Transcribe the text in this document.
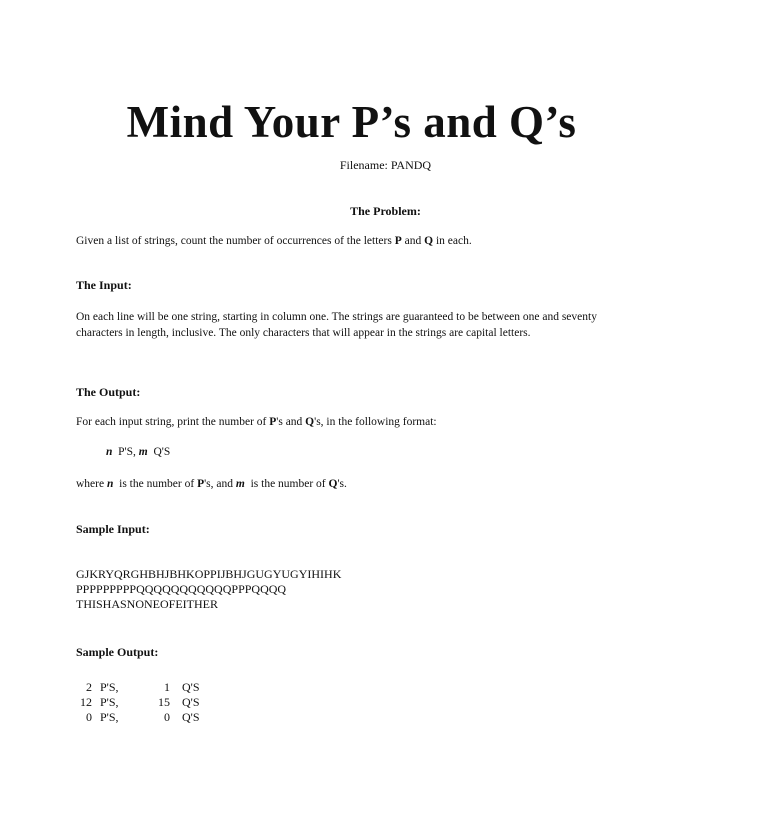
Mind Your P’s and Q’s
Filename: PANDQ
The Problem:
Given a list of strings, count the number of occurrences of the letters P and Q in each.
The Input:
On each line will be one string, starting in column one. The strings are guaranteed to be between one and seventy characters in length, inclusive. The only characters that will appear in the strings are capital letters.
The Output:
For each input string, print the number of P's and Q's, in the following format:
n  P'S, m  Q'S
where n  is the number of P's, and m  is the number of Q's.
Sample Input:
GJKRYQRGHBHJBHKOPPIJBHJGUGYUGYIHIHK
PPPPPPPPPQQQQQQQQQQQPPPQQQQ
THISHASNONEOFEITHER
Sample Output:
2	P'S,	1	Q'S
12	P'S,	15	Q'S
0	P'S,	0	Q'S
